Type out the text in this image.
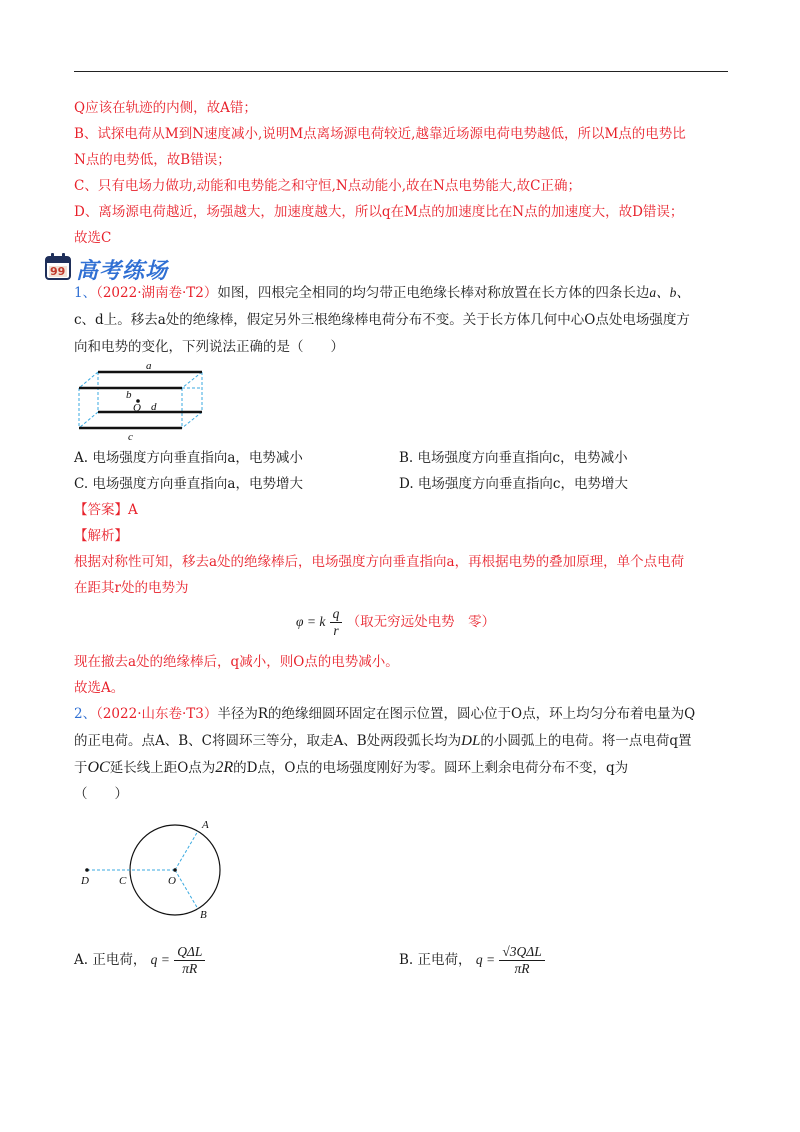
Q应该在轨迹的内侧，故A错；
B、试探电荷从M到N速度减小,说明M点离场源电荷较近,越靠近场源电荷电势越低，所以M点的电势比
N点的电势低，故B错误；
C、只有电场力做功,动能和电势能之和守恒,N点动能小,故在N点电势能大,故C正确；
D、离场源电荷越近，场强越大，加速度越大，所以q在M点的加速度比在N点的加速度大，故D错误；
故选C
99 高考练场
1、（2022·湖南卷·T2）如图，四根完全相同的均匀带正电绝缘长棒对称放置在长方体的四条长边a、b、
c、d上。移去a处的绝缘棒，假定另外三根绝缘棒电荷分布不变。关于长方体几何中心O点处电场强度方
向和电势的变化，下列说法正确的是（　　）
a
b
O d
c
A. 电场强度方向垂直指向a，电势减小	B. 电场强度方向垂直指向c，电势减小
C. 电场强度方向垂直指向a，电势增大	D. 电场强度方向垂直指向c，电势增大
【答案】A
【解析】
根据对称性可知，移去a处的绝缘棒后，电场强度方向垂直指向a，再根据电势的叠加原理，单个点电荷
在距其r处的电势为
φ = k $\frac{q}{r}$ （取无穷远处电势　零）
现在撤去a处的绝缘棒后，q减小，则O点的电势减小。
故选A。
2、（2022·山东卷·T3）半径为R的绝缘细圆环固定在图示位置，圆心位于O点，环上均匀分布着电量为Q
的正电荷。点A、B、C将圆环三等分，取走A、B处两段弧长均为DL的小圆弧上的电荷。将一点电荷q置
于OC延长线上距O点为2R的D点，O点的电场强度刚好为零。圆环上剩余电荷分布不变，q为
（　　）
A
B
C
D	O
A. 正电荷， $q = \frac{\text{QΔL}}{\pi R}$	B. 正电荷， $q = \frac{\text{√3QΔL}}{\pi R}$
